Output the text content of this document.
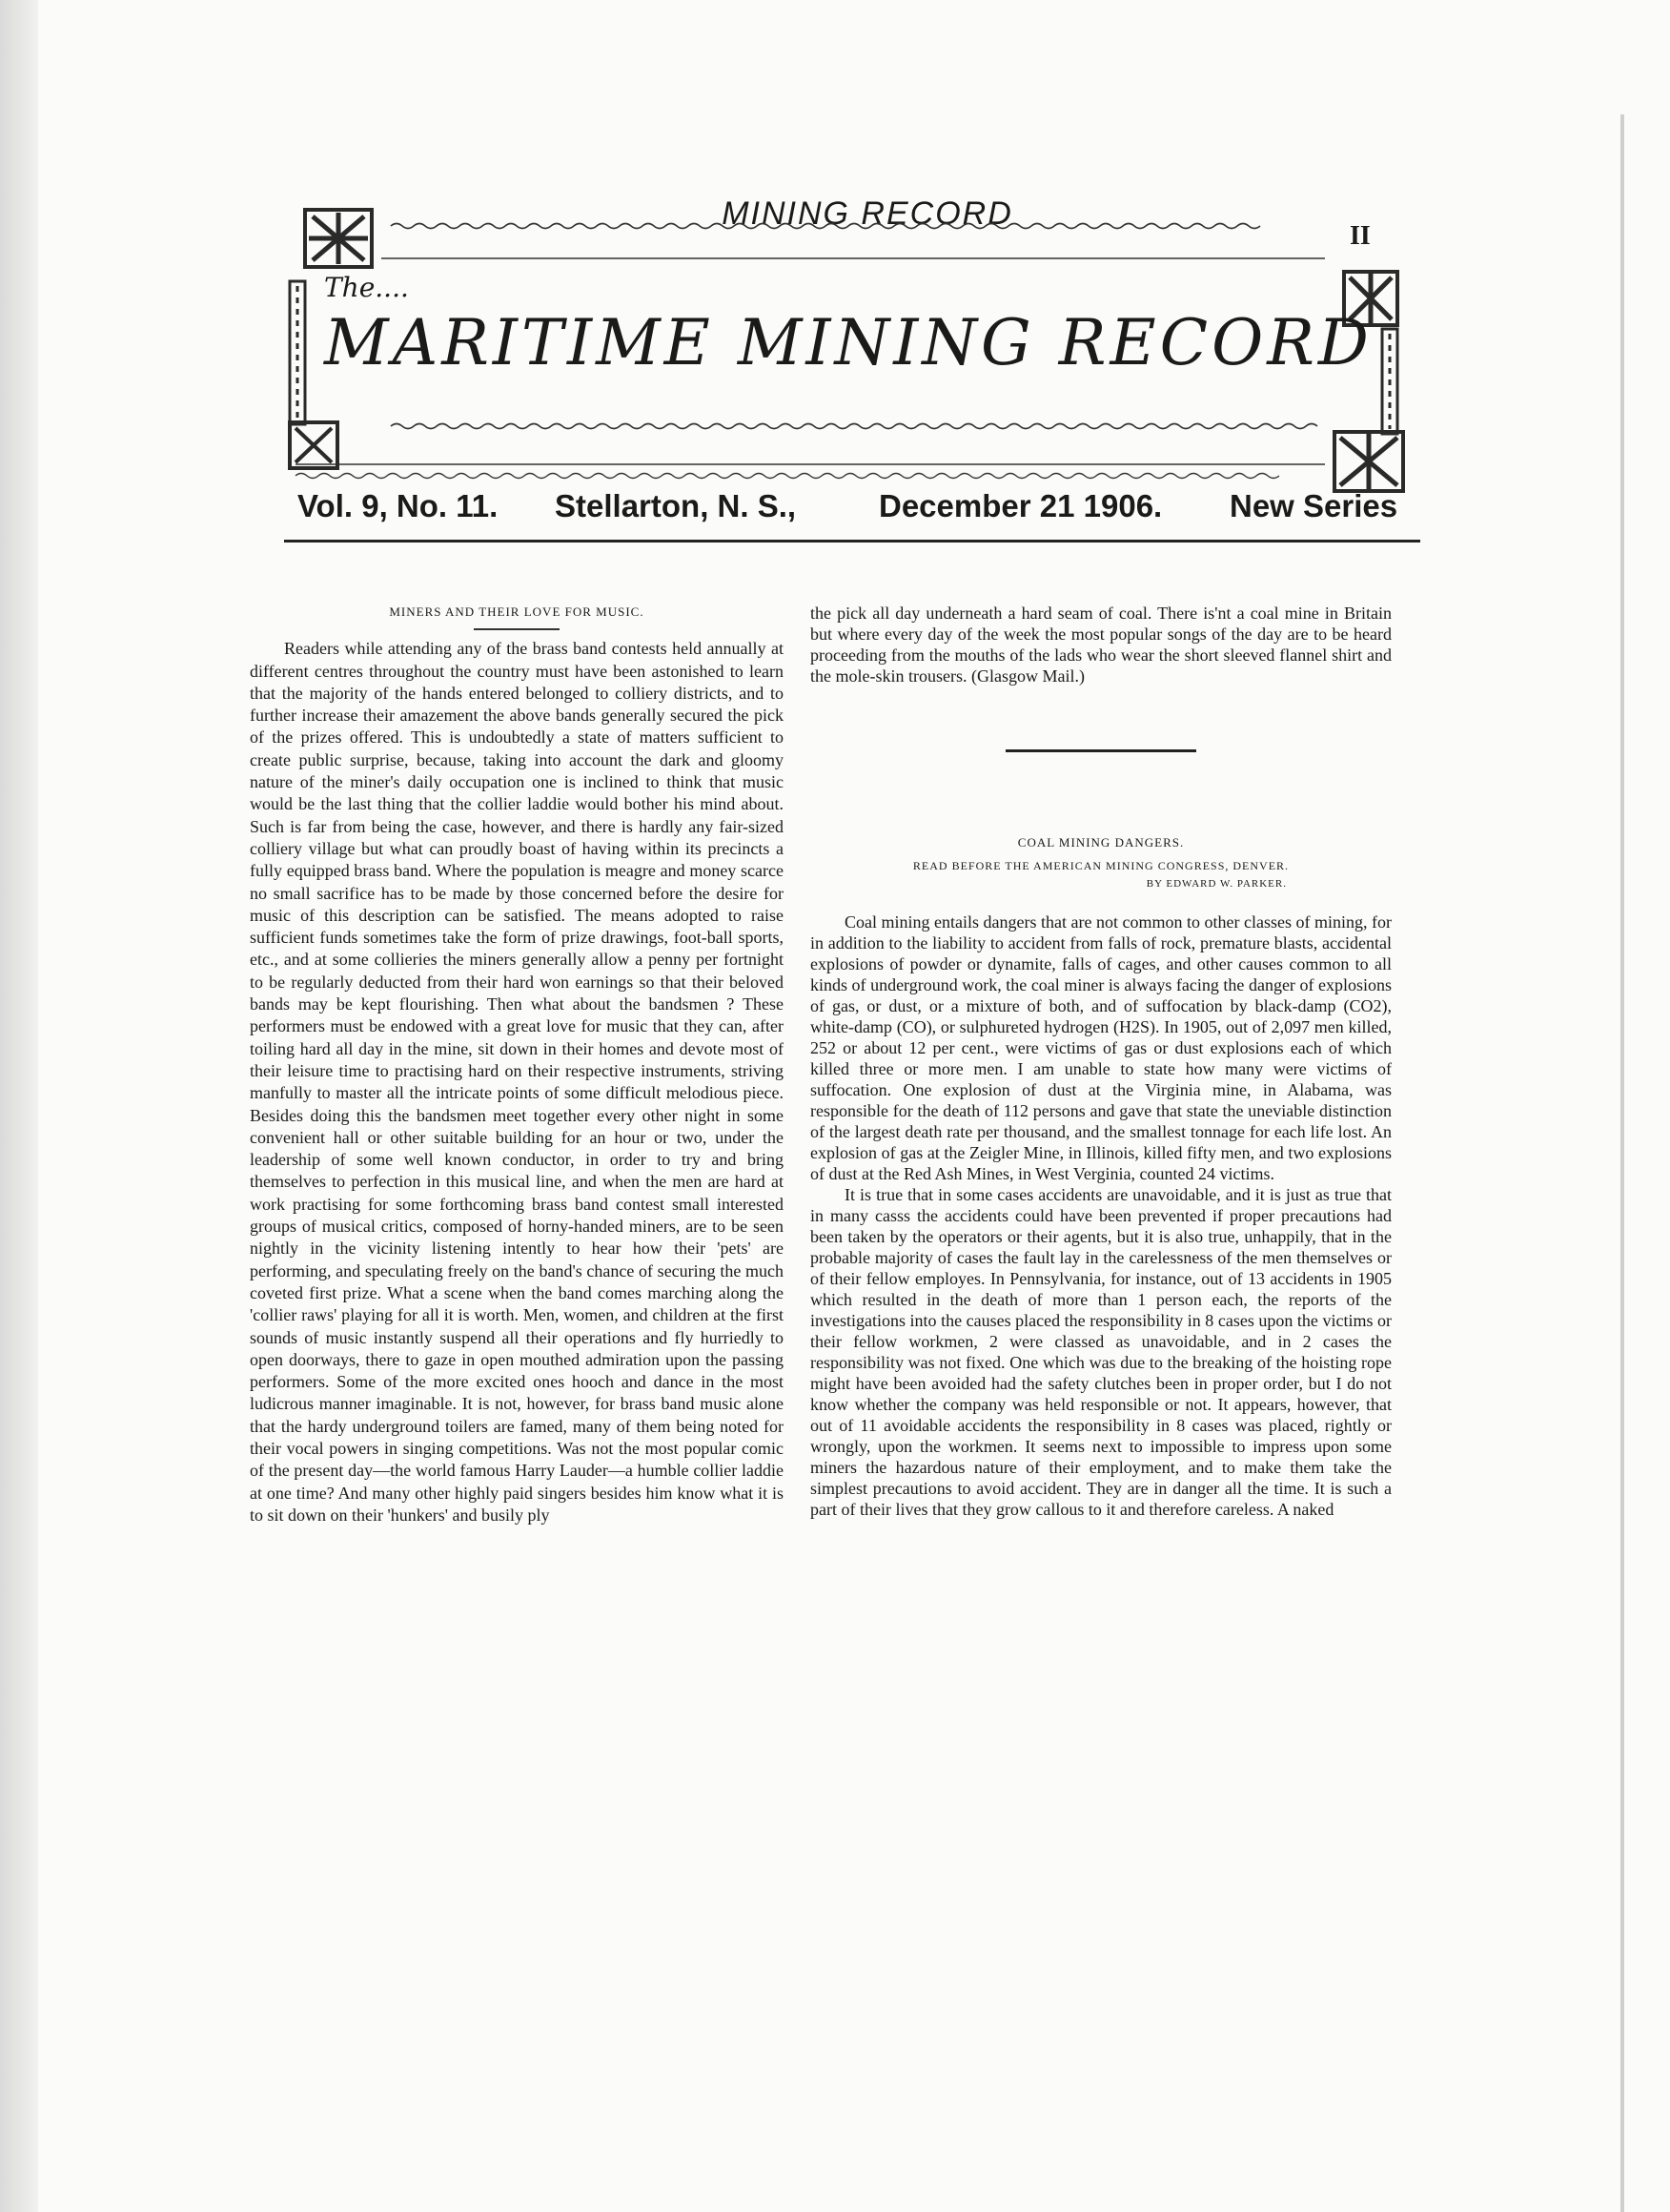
MINING RECORD
II
The....
MARITIME MINING RECORD
Vol. 9, No. 11. Stellarton, N. S.,	December 21 1906. New Series
MINERS AND THEIR LOVE FOR MUSIC.

Readers while attending any of the brass band contests held annually at different centres throughout the country must have been astonished to learn that the majority of the hands entered belonged to colliery districts, and to further increase their amazement the above bands generally secured the pick of the prizes offered. This is undoubtedly a state of matters sufficient to create public surprise, because, taking into account the dark and gloomy nature of the miner's daily occupation one is inclined to think that music would be the last thing that the collier laddie would bother his mind about. Such is far from being the case, however, and there is hardly any fair-sized colliery village but what can proudly boast of having within its precincts a fully equipped brass band. Where the population is meagre and money scarce no small sacrifice has to be made by those concerned before the desire for music of this description can be satisfied. The means adopted to raise sufficient funds sometimes take the form of prize drawings, foot-ball sports, etc., and at some collieries the miners generally allow a penny per fortnight to be regularly deducted from their hard won earnings so that their beloved bands may be kept flourishing. Then what about the bandsmen ? These performers must be endowed with a great love for music that they can, after toiling hard all day in the mine, sit down in their homes and devote most of their leisure time to practising hard on their respective instruments, striving manfully to master all the intricate points of some difficult melodious piece. Besides doing this the bandsmen meet together every other night in some convenient hall or other suitable building for an hour or two, under the leadership of some well known conductor, in order to try and bring themselves to perfection in this musical line, and when the men are hard at work practising for some forthcoming brass band contest small interested groups of musical critics, composed of horny-handed miners, are to be seen nightly in the vicinity listening intently to hear how their 'pets' are performing, and speculating freely on the band's chance of securing the much coveted first prize. What a scene when the band comes marching along the 'collier raws' playing for all it is worth. Men, women, and children at the first sounds of music instantly suspend all their operations and fly hurriedly to open doorways, there to gaze in open mouthed admiration upon the passing performers. Some of the more excited ones hooch and dance in the most ludicrous manner imaginable. It is not, however, for brass band music alone that the hardy underground toilers are famed, many of them being noted for their vocal powers in singing competitions. Was not the most popular comic of the present day—the world famous Harry Lauder—a humble collier laddie at one time? And many other highly paid singers besides him know what it is to sit down on their 'hunkers' and busily ply

the pick all day underneath a hard seam of coal. There is'nt a coal mine in Britain but where every day of the week the most popular songs of the day are to be heard proceeding from the mouths of the lads who wear the short sleeved flannel shirt and the mole-skin trousers. (Glasgow Mail.)

COAL MINING DANGERS.
READ BEFORE THE AMERICAN MINING CONGRESS, DENVER.
BY EDWARD W. PARKER.

Coal mining entails dangers that are not common to other classes of mining, for in addition to the liability to accident from falls of rock, premature blasts, accidental explosions of powder or dynamite, falls of cages, and other causes common to all kinds of underground work, the coal miner is always facing the danger of explosions of gas, or dust, or a mixture of both, and of suffocation by black-damp (CO2), white-damp (CO), or sulphureted hydrogen (H2S). In 1905, out of 2,097 men killed, 252 or about 12 per cent., were victims of gas or dust explosions each of which killed three or more men. I am unable to state how many were victims of suffocation. One explosion of dust at the Virginia mine, in Alabama, was responsible for the death of 112 persons and gave that state the uneviable distinction of the largest death rate per thousand, and the smallest tonnage for each life lost. An explosion of gas at the Zeigler Mine, in Illinois, killed fifty men, and two explosions of dust at the Red Ash Mines, in West Verginia, counted 24 victims.

It is true that in some cases accidents are unavoidable, and it is just as true that in many casss the accidents could have been prevented if proper precautions had been taken by the operators or their agents, but it is also true, unhappily, that in the probable majority of cases the fault lay in the carelessness of the men themselves or of their fellow employes. In Pennsylvania, for instance, out of 13 accidents in 1905 which resulted in the death of more than 1 person each, the reports of the investigations into the causes placed the responsibility in 8 cases upon the victims or their fellow workmen, 2 were classed as unavoidable, and in 2 cases the responsibility was not fixed. One which was due to the breaking of the hoisting rope might have been avoided had the safety clutches been in proper order, but I do not know whether the company was held responsible or not. It appears, however, that out of 11 avoidable accidents the responsibility in 8 cases was placed, rightly or wrongly, upon the workmen. It seems next to impossible to impress upon some miners the hazardous nature of their employment, and to make them take the simplest precautions to avoid accident. They are in danger all the time. It is such a part of their lives that they grow callous to it and therefore careless. A naked
